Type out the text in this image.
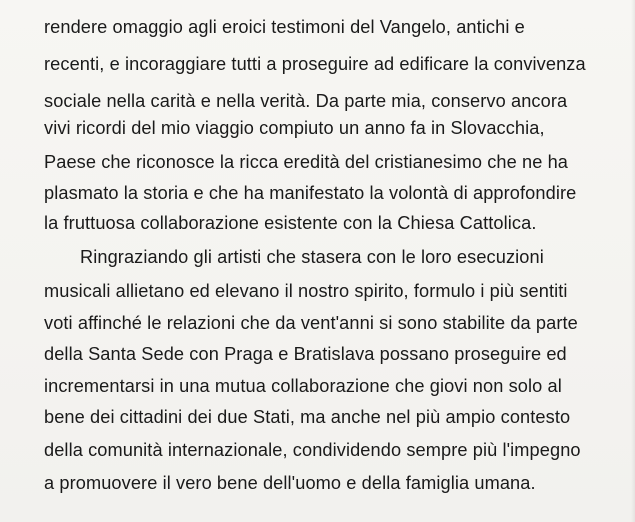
rendere omaggio agli eroici testimoni del Vangelo, antichi e
recenti, e incoraggiare tutti a proseguire ad edificare la convivenza
sociale nella carità e nella verità. Da parte mia, conservo ancora
vivi ricordi del mio viaggio compiuto un anno fa in Slovacchia,
Paese che riconosce la ricca eredità del cristianesimo che ne ha
plasmato la storia e che ha manifestato la volontà di approfondire
la fruttuosa collaborazione esistente con la Chiesa Cattolica.
Ringraziando gli artisti che stasera con le loro esecuzioni
musicali allietano ed elevano il nostro spirito, formulo i più sentiti
voti affinché le relazioni che da vent'anni si sono stabilite da parte
della Santa Sede con Praga e Bratislava possano proseguire ed
incrementarsi in una mutua collaborazione che giovi non solo al
bene dei cittadini dei due Stati, ma anche nel più ampio contesto
della comunità internazionale, condividendo sempre più l'impegno
a promuovere il vero bene dell'uomo e della famiglia umana.
